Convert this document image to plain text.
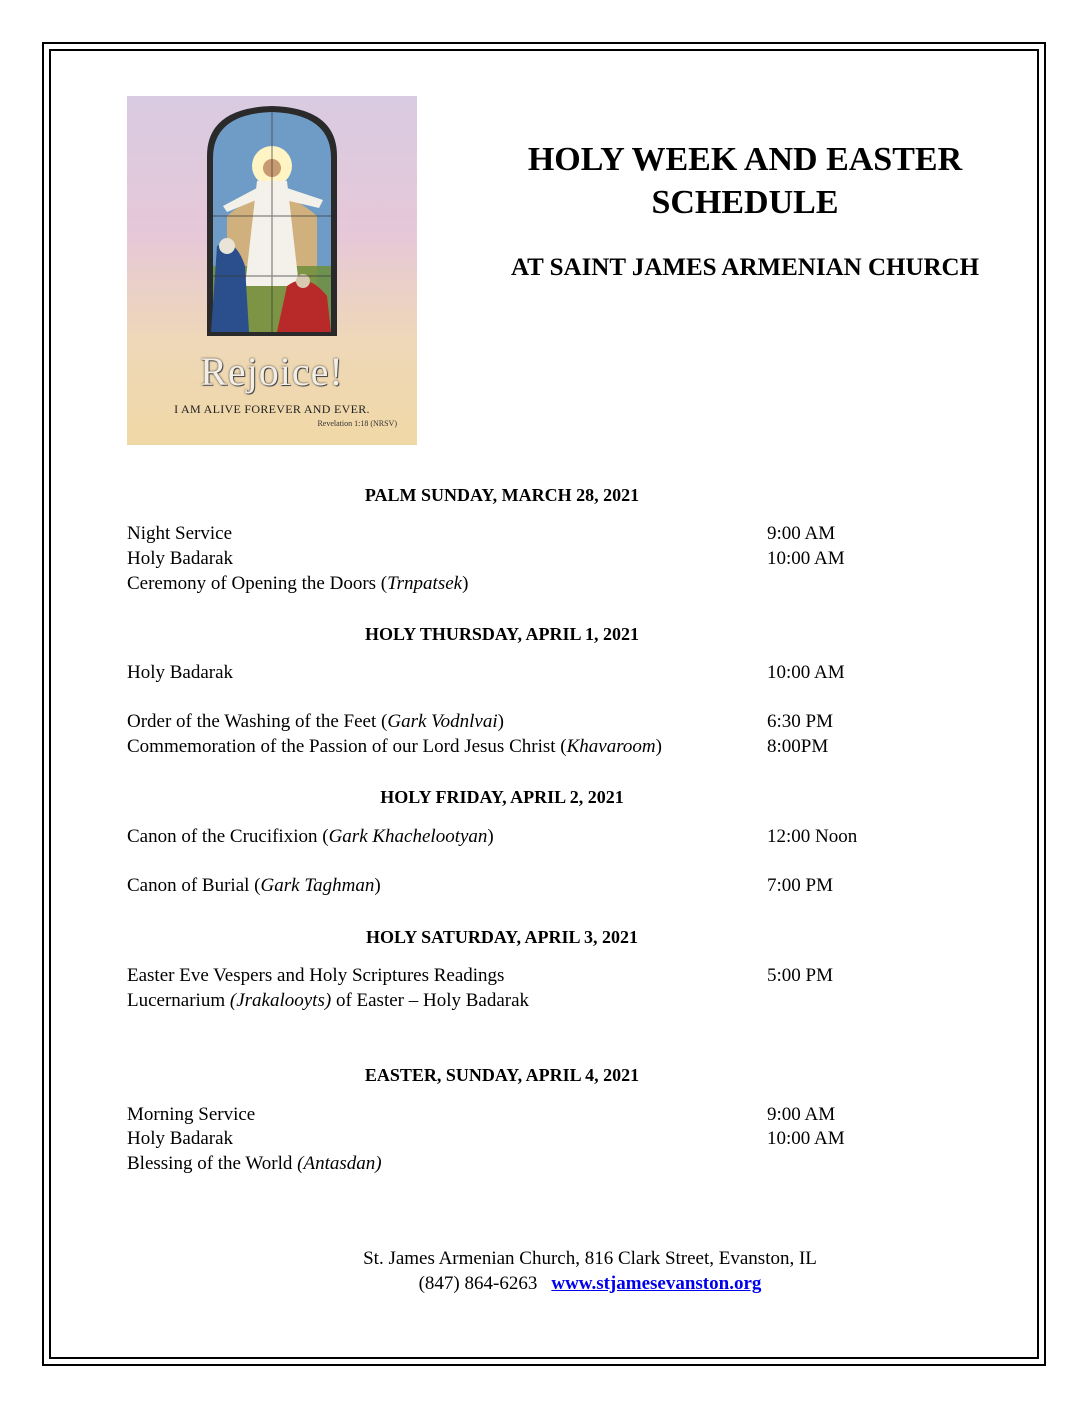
Rejoice!
I AM ALIVE FOREVER AND EVER.
Revelation 1:18 (NRSV)
HOLY WEEK AND EASTER
SCHEDULE
AT SAINT JAMES ARMENIAN CHURCH
PALM SUNDAY, MARCH 28, 2021
Night Service	9:00 AM
Holy Badarak	10:00 AM
Ceremony of Opening the Doors (Trnpatsek)
HOLY THURSDAY, APRIL 1, 2021
Holy Badarak	10:00 AM
Order of the Washing of the Feet (Gark Vodnlvai)	6:30 PM
Commemoration of the Passion of our Lord Jesus Christ (Khavaroom)	8:00PM
HOLY FRIDAY, APRIL 2, 2021
Canon of the Crucifixion (Gark Khachelootyan)	12:00 Noon
Canon of Burial (Gark Taghman)	7:00 PM
HOLY SATURDAY, APRIL 3, 2021
Easter Eve Vespers and Holy Scriptures Readings	5:00 PM
Lucernarium (Jrakalooyts) of Easter – Holy Badarak
EASTER, SUNDAY, APRIL 4, 2021
Morning Service	9:00 AM
Holy Badarak	10:00 AM
Blessing of the World (Antasdan)
St. James Armenian Church, 816 Clark Street, Evanston, IL
(847) 864-6263 www.stjamesevanston.org
